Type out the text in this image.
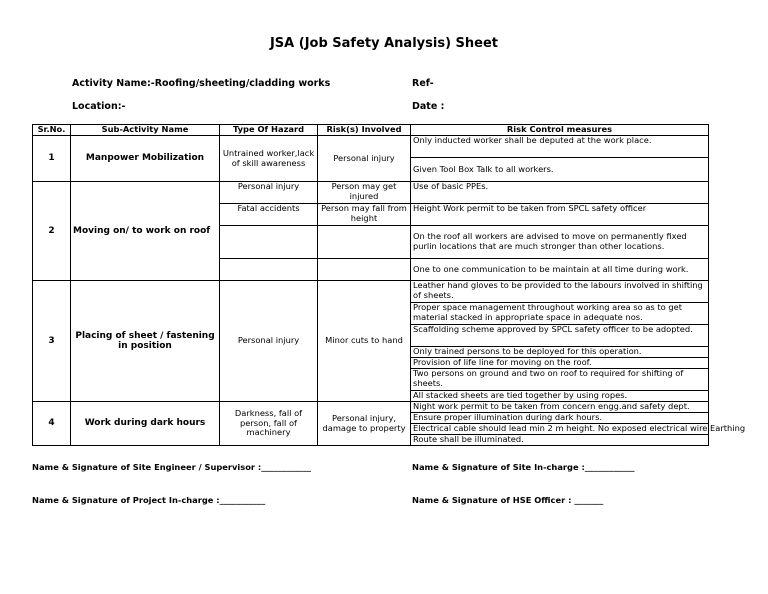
JSA (Job Safety Analysis) Sheet
Activity Name:-Roofing/sheeting/cladding works	Ref-
Location:-	Date :
Sr.No.	Sub-Activity Name	Type Of Hazard	Risk(s) Involved	Risk Control measures
1	Manpower Mobilization	Untrained worker,lack of skill awareness	Personal injury	Only inducted worker shall be deputed at the work place.
				Given Tool Box Talk to all workers.
2	Moving on/ to work on roof	Personal injury	Person may get injured	Use of basic PPEs.
		Fatal accidents	Person may fall from height	Height Work permit to be taken from SPCL safety officer
				On the roof all workers are advised to move on permanently fixed purlin locations that are much stronger than other locations.
				One to one communication to be maintain at all time during work.
3	Placing of sheet / fastening in position	Personal injury	Minor cuts to hand	Leather hand gloves to be provided to the labours involved in shifting of sheets.
				Proper space management throughout working area so as to get material stacked in appropriate space in adequate nos.
				Scaffolding scheme approved by SPCL safety officer to be adopted.
				Only trained persons to be deployed for this operation.
				Provision of life line for moving on the roof.
				Two persons on ground and two on roof to required for shifting of sheets.
				All stacked sheets are tied together by using ropes.
4	Work during dark hours	Darkness, fall of person, fall of machinery	Personal injury, damage to property	Night work permit to be taken from concern engg.and safety dept.
				Ensure proper illumination during dark hours.
				Electrical cable should lead min 2 m height. No exposed electrical wire.Earthing
				Route shall be illuminated.
Name & Signature of Site Engineer / Supervisor :____________	Name & Signature of Site In-charge :____________
Name & Signature of Project In-charge :___________	Name & Signature of HSE Officer : _______
